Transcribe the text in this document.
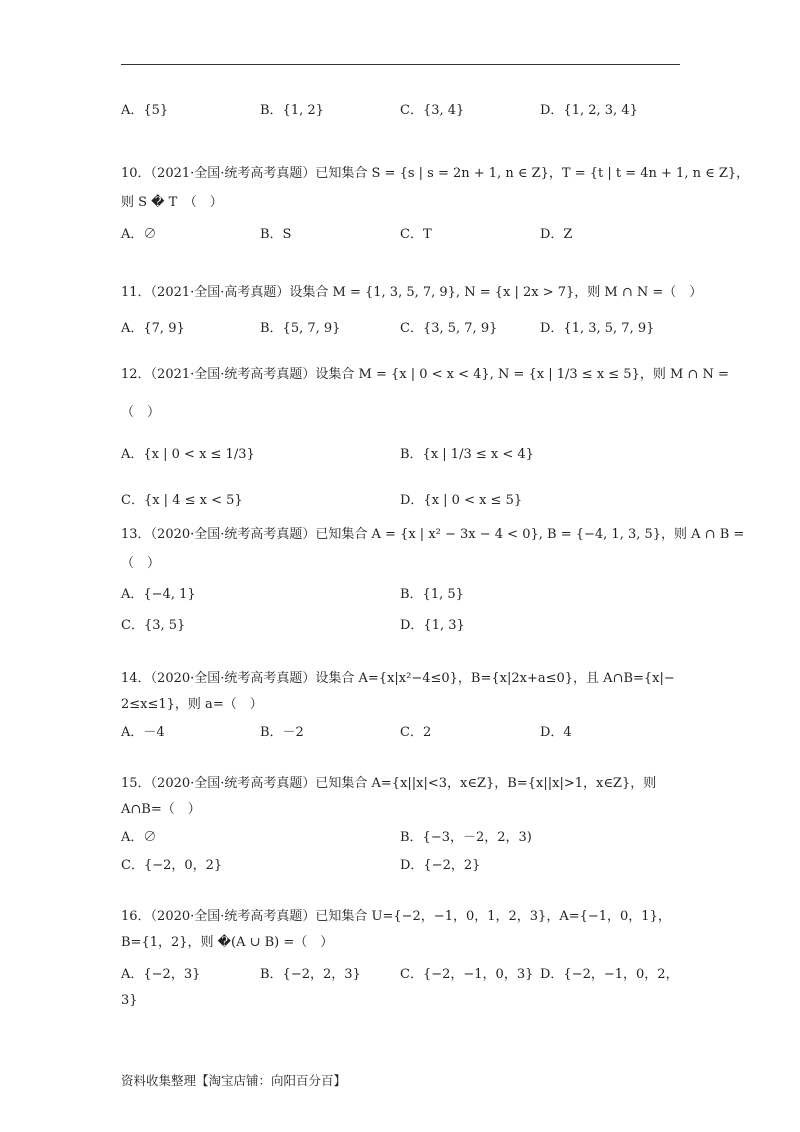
A．{5}	B．{1, 2}	C．{3, 4}	D．{1, 2, 3, 4}
10．（2021·全国·统考高考真题）已知集合 S = {s | s = 2n + 1, n ∈ Z}，T = {t | t = 4n + 1, n ∈ Z}，
则 S � T　（　）
A．∅	B．S	C．T	D．Z
11．（2021·全国·高考真题）设集合 M = {1, 3, 5, 7, 9}, N = {x | 2x > 7}，则 M ∩ N =（　）
A．{7, 9}	B．{5, 7, 9}	C．{3, 5, 7, 9}	D．{1, 3, 5, 7, 9}
12．（2021·全国·统考高考真题）设集合 M = {x | 0 < x < 4}, N = {x | 1/3 ≤ x ≤ 5}，则 M ∩ N =
（　）
A．{x | 0 < x ≤ 1/3}	B．{x | 1/3 ≤ x < 4}
C．{x | 4 ≤ x < 5}	D．{x | 0 < x ≤ 5}
13．（2020·全国·统考高考真题）已知集合 A = {x | x² − 3x − 4 < 0}, B = {−4, 1, 3, 5}，则 A ∩ B =
（　）
A．{−4, 1}	B．{1, 5}
C．{3, 5}	D．{1, 3}
14．（2020·全国·统考高考真题）设集合 A={x|x²−4≤0}，B={x|2x+a≤0}，且 A∩B={x|−
2≤x≤1}，则 a=（　）
A．－4	B．－2	C．2	D．4
15．（2020·全国·统考高考真题）已知集合 A={x||x|<3，x∈Z}，B={x||x|>1，x∈Z}，则
A∩B=（　）
A．∅	B．{−3，－2，2，3)
C．{−2，0，2}	D．{−2，2}
16．（2020·全国·统考高考真题）已知集合 U={−2，−1，0，1，2，3}，A={−1，0，1}，
B={1，2}，则 �(A ∪ B) =（　）
A．{−2，3}	B．{−2，2，3}	C．{−2，−1，0，3} D．{−2，−1，0，2，
3}
资料收集整理【淘宝店铺：向阳百分百】
